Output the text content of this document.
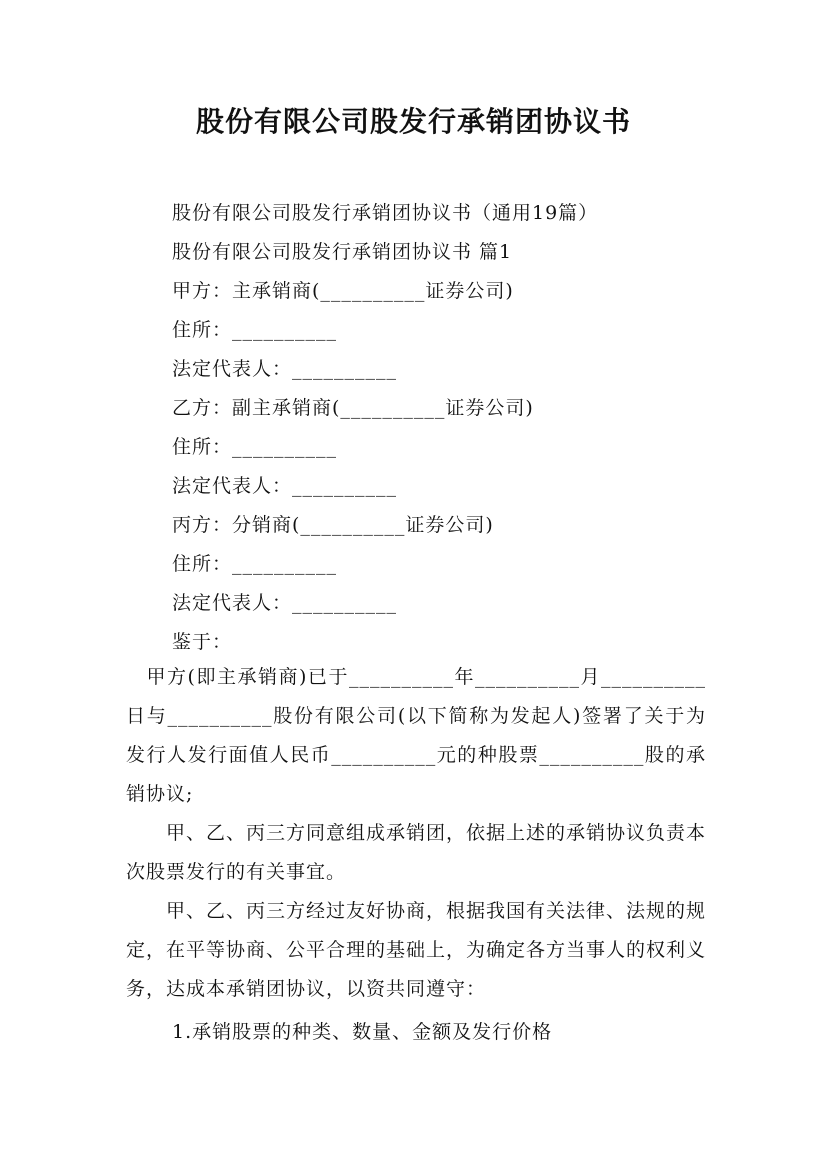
股份有限公司股发行承销团协议书
股份有限公司股发行承销团协议书（通用19篇）
股份有限公司股发行承销团协议书 篇1
甲方：主承销商(__________证券公司)
住所：__________
法定代表人：__________
乙方：副主承销商(__________证券公司)
住所：__________
法定代表人：__________
丙方：分销商(__________证券公司)
住所：__________
法定代表人：__________
鉴于：
　甲方(即主承销商)已于__________年__________月__________日与__________股份有限公司(以下简称为发起人)签署了关于为发行人发行面值人民币__________元的种股票__________股的承销协议;
　　甲、乙、丙三方同意组成承销团，依据上述的承销协议负责本次股票发行的有关事宜。
　　甲、乙、丙三方经过友好协商，根据我国有关法律、法规的规定，在平等协商、公平合理的基础上，为确定各方当事人的权利义务，达成本承销团协议，以资共同遵守：
1.承销股票的种类、数量、金额及发行价格
